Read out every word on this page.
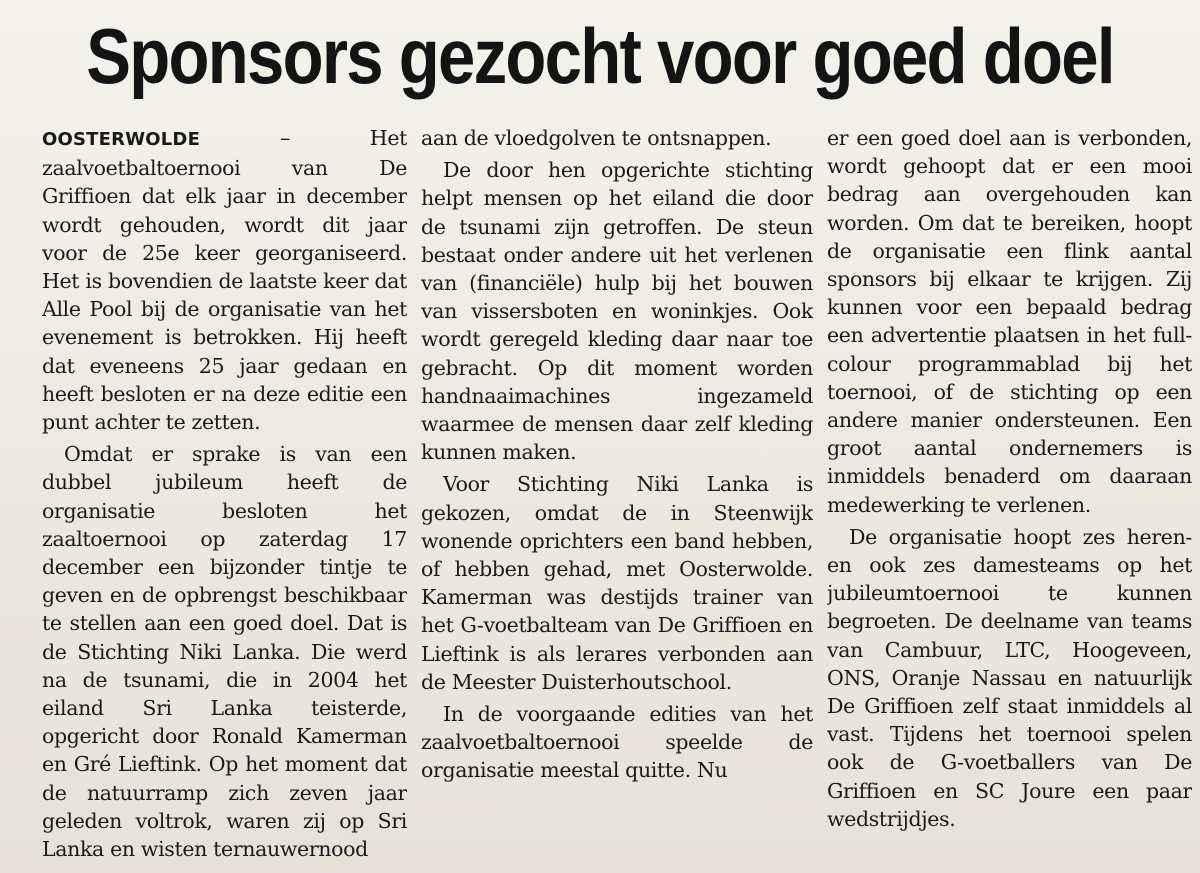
Sponsors gezocht voor goed doel

OOSTERWOLDE – Het zaalvoetbaltoernooi van De Griffioen dat elk jaar in december wordt gehouden, wordt dit jaar voor de 25e keer georganiseerd. Het is bovendien de laatste keer dat Alle Pool bij de organisatie van het evenement is betrokken. Hij heeft dat eveneens 25 jaar gedaan en heeft besloten er na deze editie een punt achter te zetten.

Omdat er sprake is van een dubbel jubileum heeft de organisatie besloten het zaaltoernooi op zaterdag 17 december een bijzonder tintje te geven en de opbrengst beschikbaar te stellen aan een goed doel. Dat is de Stichting Niki Lanka. Die werd na de tsunami, die in 2004 het eiland Sri Lanka teisterde, opgericht door Ronald Kamerman en Gré Lieftink. Op het moment dat de natuurramp zich zeven jaar geleden voltrok, waren zij op Sri Lanka en wisten ternauwernood

aan de vloedgolven te ontsnappen.

De door hen opgerichte stichting helpt mensen op het eiland die door de tsunami zijn getroffen. De steun bestaat onder andere uit het verlenen van (financiële) hulp bij het bouwen van vissersboten en woninkjes. Ook wordt geregeld kleding daar naar toe gebracht. Op dit moment worden handnaaimachines ingezameld waarmee de mensen daar zelf kleding kunnen maken.

Voor Stichting Niki Lanka is gekozen, omdat de in Steenwijk wonende oprichters een band hebben, of hebben gehad, met Oosterwolde. Kamerman was destijds trainer van het G-voetbalteam van De Griffioen en Lieftink is als lerares verbonden aan de Meester Duisterhoutschool.

In de voorgaande edities van het zaalvoetbaltoernooi speelde de organisatie meestal quitte. Nu

er een goed doel aan is verbonden, wordt gehoopt dat er een mooi bedrag aan overgehouden kan worden. Om dat te bereiken, hoopt de organisatie een flink aantal sponsors bij elkaar te krijgen. Zij kunnen voor een bepaald bedrag een advertentie plaatsen in het full-colour programmablad bij het toernooi, of de stichting op een andere manier ondersteunen. Een groot aantal ondernemers is inmiddels benaderd om daaraan medewerking te verlenen.

De organisatie hoopt zes heren- en ook zes damesteams op het jubileumtoernooi te kunnen begroeten. De deelname van teams van Cambuur, LTC, Hoogeveen, ONS, Oranje Nassau en natuurlijk De Griffioen zelf staat inmiddels al vast. Tijdens het toernooi spelen ook de G-voetballers van De Griffioen en SC Joure een paar wedstrijdjes.
